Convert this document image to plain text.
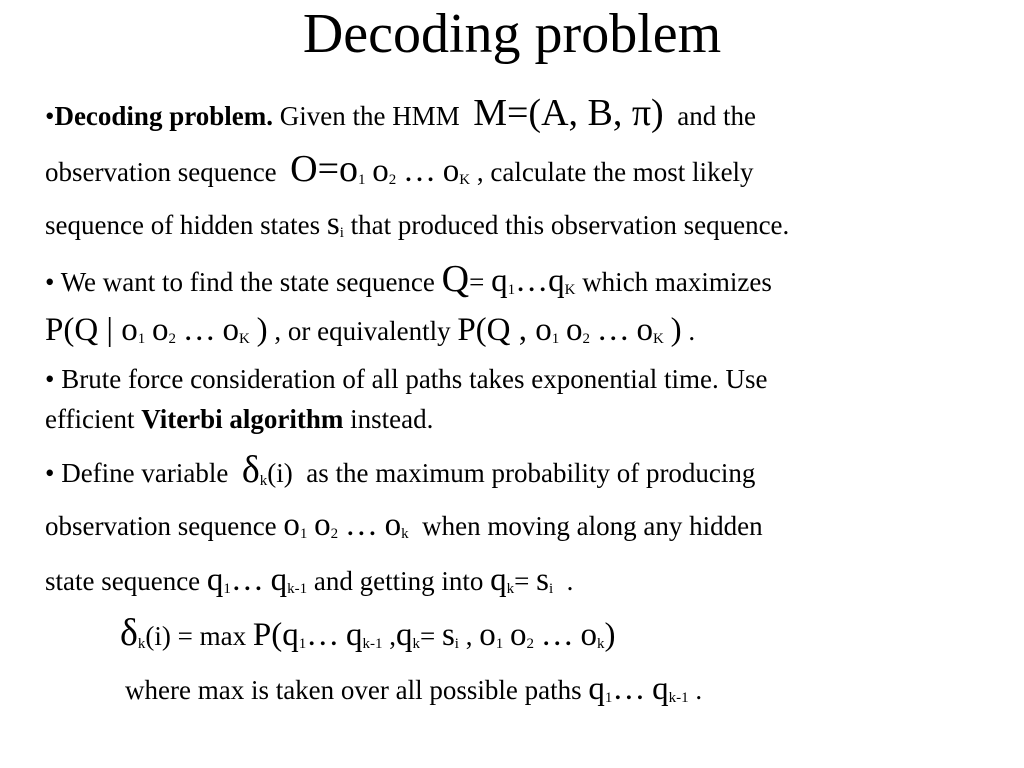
Decoding problem
•Decoding problem. Given the HMM  M=(A, B, π) and the
observation sequence  $O=o_1$ $o_2$ … $o_K$ , calculate the most likely
sequence of hidden states $s_i$ that produced this observation sequence.
• We want to find the state sequence $Q= q_1\dots q_K$ which maximizes
P(Q | $o_1$ $o_2$ … $o_K$ ) , or equivalently P(Q , $o_1$ $o_2$ … $o_K$ ) .
• Brute force consideration of all paths takes exponential time. Use
efficient Viterbi algorithm instead.
• Define variable  $\delta_k(i)$ as the maximum probability of producing
observation sequence $o_1$ $o_2$ … $o_k$ when moving along any hidden
state sequence $q_1\dots$ $q_{k-1}$ and getting into $q_k= s_i$ .
$\delta_k(i) = \max$ $P(q_1\dots$ $q_{k-1}$ $,q_k= s_i$ , $o_1$ $o_2$ … $o_k$)
where max is taken over all possible paths $q_1\dots$ $q_{k-1}$ .
